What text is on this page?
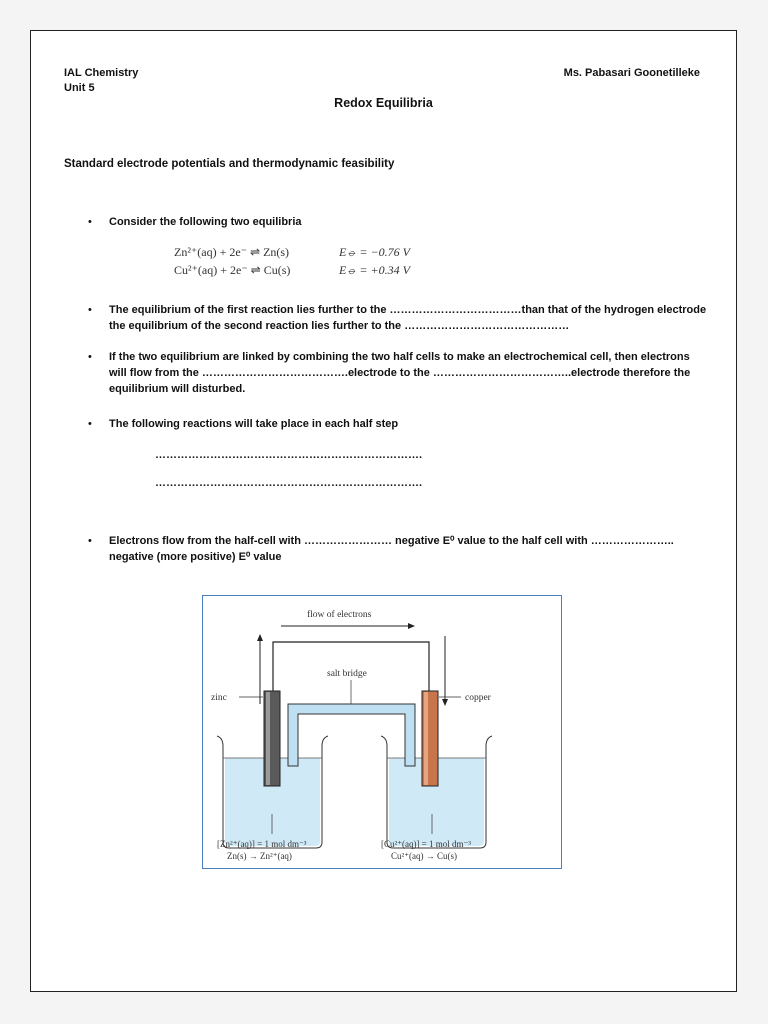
IAL Chemistry
Unit 5
Ms. Pabasari Goonetilleke
Redox Equilibria
Standard electrode potentials and thermodynamic feasibility
• Consider the following two equilibria
Zn²⁺(aq) + 2e⁻ ⇌ Zn(s)	E⦵ = −0.76 V
Cu²⁺(aq) + 2e⁻ ⇌ Cu(s)	E⦵ = +0.34 V
• The equilibrium of the first reaction lies further to the ………………………………than that of the hydrogen electrode the equilibrium of the second reaction lies further to the ………………………………………
• If the two equilibrium are linked by combining the two half cells to make an electrochemical cell, then electrons will flow from the ………………………………….electrode to the ………………………………..electrode therefore the equilibrium will disturbed.
• The following reactions will take place in each half step
……………………………………………………………….
……………………………………………………………….
• Electrons flow from the half-cell with …………………… negative E⁰ value to the half cell with ………………….. negative (more positive) E⁰ value
flow of electrons
salt bridge
zinc	copper
[Zn²⁺(aq)] = 1 mol dm⁻³
Zn(s) → Zn²⁺(aq)
[Cu²⁺(aq)] = 1 mol dm⁻³
Cu²⁺(aq) → Cu(s)
